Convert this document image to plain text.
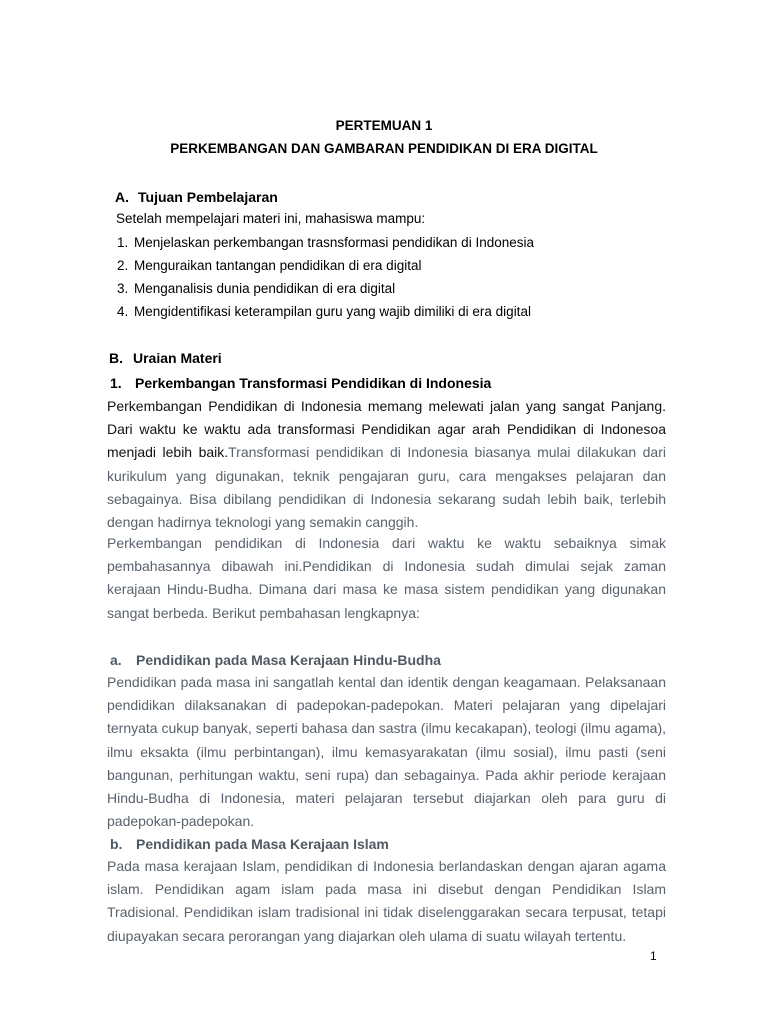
PERTEMUAN 1
PERKEMBANGAN DAN GAMBARAN PENDIDIKAN DI ERA DIGITAL
A. Tujuan Pembelajaran
Setelah mempelajari materi ini, mahasiswa mampu:
1. Menjelaskan perkembangan trasnsformasi pendidikan di Indonesia
2. Menguraikan tantangan pendidikan di era digital
3. Menganalisis dunia pendidikan di era digital
4. Mengidentifikasi keterampilan guru yang wajib dimiliki di era digital
B. Uraian Materi
1. Perkembangan Transformasi Pendidikan di Indonesia
Perkembangan Pendidikan di Indonesia memang melewati jalan yang sangat Panjang. Dari waktu ke waktu ada transformasi Pendidikan agar arah Pendidikan di Indonesoa menjadi lebih baik.Transformasi pendidikan di Indonesia biasanya mulai dilakukan dari kurikulum yang digunakan, teknik pengajaran guru, cara mengakses pelajaran dan sebagainya. Bisa dibilang pendidikan di Indonesia sekarang sudah lebih baik, terlebih dengan hadirnya teknologi yang semakin canggih.
Perkembangan pendidikan di Indonesia dari waktu ke waktu sebaiknya simak pembahasannya dibawah ini.Pendidikan di Indonesia sudah dimulai sejak zaman kerajaan Hindu-Budha. Dimana dari masa ke masa sistem pendidikan yang digunakan sangat berbeda. Berikut pembahasan lengkapnya:
a. Pendidikan pada Masa Kerajaan Hindu-Budha
Pendidikan pada masa ini sangatlah kental dan identik dengan keagamaan. Pelaksanaan pendidikan dilaksanakan di padepokan-padepokan. Materi pelajaran yang dipelajari ternyata cukup banyak, seperti bahasa dan sastra (ilmu kecakapan), teologi (ilmu agama), ilmu eksakta (ilmu perbintangan), ilmu kemasyarakatan (ilmu sosial), ilmu pasti (seni bangunan, perhitungan waktu, seni rupa) dan sebagainya. Pada akhir periode kerajaan Hindu-Budha di Indonesia, materi pelajaran tersebut diajarkan oleh para guru di padepokan-padepokan.
b. Pendidikan pada Masa Kerajaan Islam
Pada masa kerajaan Islam, pendidikan di Indonesia berlandaskan dengan ajaran agama islam. Pendidikan agam islam pada masa ini disebut dengan Pendidikan Islam Tradisional. Pendidikan islam tradisional ini tidak diselenggarakan secara terpusat, tetapi diupayakan secara perorangan yang diajarkan oleh ulama di suatu wilayah tertentu.
1
